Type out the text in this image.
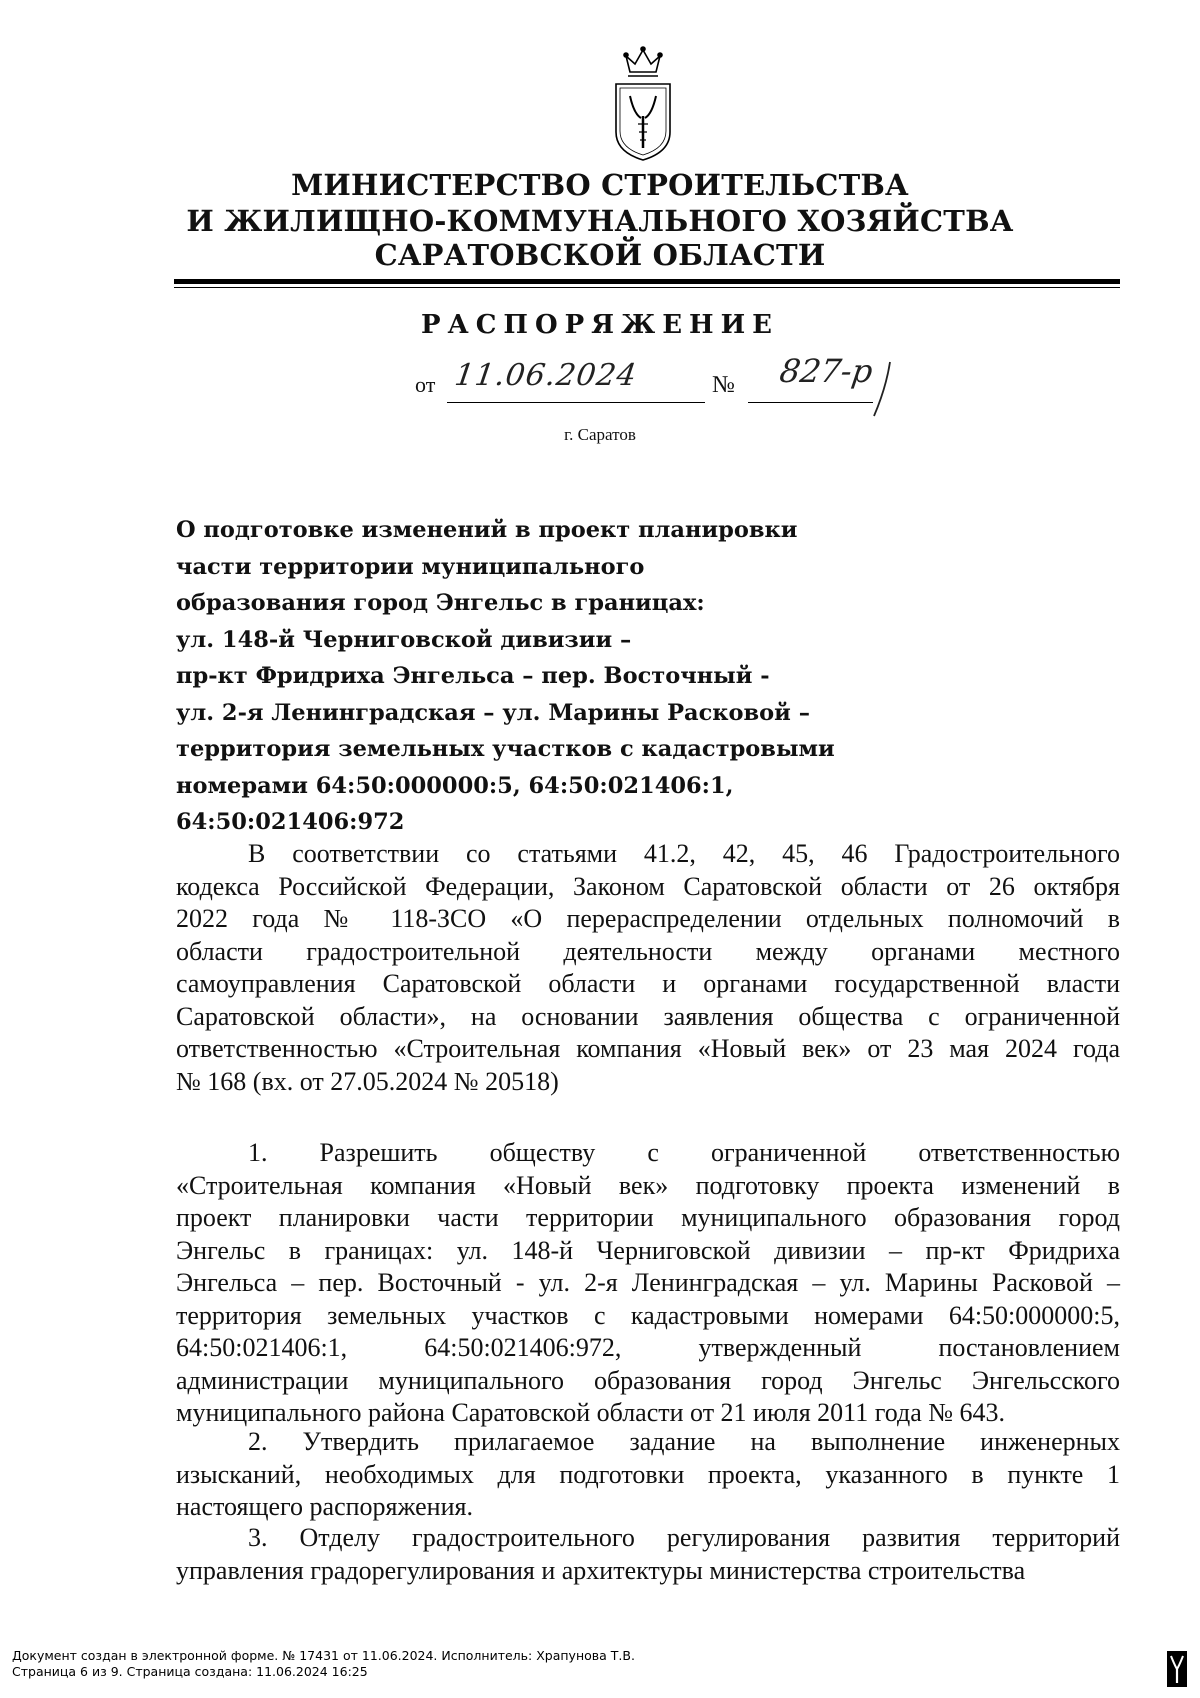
МИНИСТЕРСТВО СТРОИТЕЛЬСТВА
И ЖИЛИЩНО-КОММУНАЛЬНОГО ХОЗЯЙСТВА
САРАТОВСКОЙ ОБЛАСТИ
РАСПОРЯЖЕНИЕ
от 11.06.2024	№ 827-р
г. Саратов
О подготовке изменений в проект планировки
части территории муниципального
образования город Энгельс в границах:
ул. 148-й Черниговской дивизии –
пр-кт Фридриха Энгельса – пер. Восточный -
ул. 2-я Ленинградская – ул. Марины Расковой –
территория земельных участков с кадастровыми
номерами 64:50:000000:5, 64:50:021406:1,
64:50:021406:972
В соответствии со статьями 41.2, 42, 45, 46 Градостроительного
кодекса Российской Федерации, Законом Саратовской области от 26 октября
2022 года № 118-ЗСО «О перераспределении отдельных полномочий в
области градостроительной деятельности между органами местного
самоуправления Саратовской области и органами государственной власти
Саратовской области», на основании заявления общества с ограниченной
ответственностью «Строительная компания «Новый век» от 23 мая 2024 года
№ 168 (вх. от 27.05.2024 № 20518)
1. Разрешить обществу с ограниченной ответственностью
«Строительная компания «Новый век» подготовку проекта изменений в
проект планировки части территории муниципального образования город
Энгельс в границах: ул. 148-й Черниговской дивизии – пр-кт Фридриха
Энгельса – пер. Восточный - ул. 2-я Ленинградская – ул. Марины Расковой –
территория земельных участков с кадастровыми номерами 64:50:000000:5,
64:50:021406:1, 64:50:021406:972, утвержденный постановлением
администрации муниципального образования город Энгельс Энгельсского
муниципального района Саратовской области от 21 июля 2011 года № 643.
2. Утвердить прилагаемое задание на выполнение инженерных
изысканий, необходимых для подготовки проекта, указанного в пункте 1
настоящего распоряжения.
3. Отделу градостроительного регулирования развития территорий
управления градорегулирования и архитектуры министерства строительства
Документ создан в электронной форме. № 17431 от 11.06.2024. Исполнитель: Храпунова Т.В.
Страница 6 из 9. Страница создана: 11.06.2024 16:25
